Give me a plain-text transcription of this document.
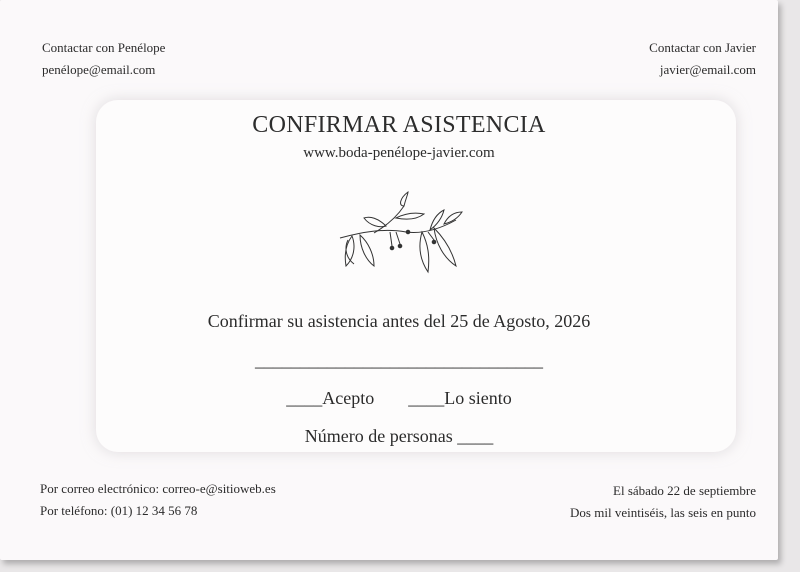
Contactar con Penélope
penélope@email.com
Contactar con Javier
javier@email.com
CONFIRMAR ASISTENCIA
www.boda-penélope-javier.com
Confirmar su asistencia antes del 25 de Agosto, 2026
________________________________
____Acepto ____Lo siento
Número de personas ____
Por correo electrónico: correo-e@sitioweb.es
Por teléfono: (01) 12 34 56 78
El sábado 22 de septiembre
Dos mil veintiséis, las seis en punto
